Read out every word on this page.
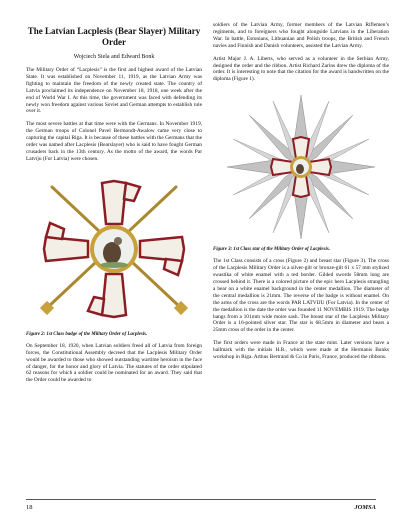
The Latvian Lacplesis (Bear Slayer) Military Order
Wojciech Stela and Edward Bonk

The Military Order of “Lacplesis” is the first and highest award of the Latvian State. It was established on November 11, 1919, as the Latvian Army was fighting to maintain the freedom of the newly created state. The country of Latvia proclaimed its independence on November 18, 1918, one week after the end of World War I. At this time, the government was faced with defending its newly won freedom against various Soviet and German attempts to establish rule over it.

The most severe battles at that time were with the Germans. In November 1919, the German troops of Colonel Pavel Bermondt-Awalow came very close to capturing the capital Riga. It is because of these battles with the Germans that the order was named after Lacplesis (Bearslayer) who is said to have fought German crusaders back in the 13th century. As the motto of the award, the words Par Latviju (For Latvia) were chosen.

Figure 2: 1st Class badge of the Military Order of Lacplesis.

On September 18, 1920, when Latvian soldiers freed all of Latvia from foreign forces, the Constitutional Assembly decreed that the Lacplesis Military Order would be awarded to those who showed outstanding wartime heroism in the face of danger, for the honor and glory of Latvia. The statutes of the order stipulated 62 reasons for which a soldier could be nominated for an award. They said that the Order could be awarded to

soldiers of the Latvian Army, former members of the Latvian Riflemen’s regiments, and to foreigners who fought alongside Latvians in the Liberation War. In battle, Estonians, Lithuanian and Polish troops, the British and French navies and Finnish and Danish volunteers, assisted the Latvian Army.

Artist Major J. A. Liberts, who served as a volunteer in the Serbian Army, designed the order and the ribbon. Artist Richard Zarins drew the diploma of the order. It is interesting to note that the citation for the award is handwritten on the diploma (Figure 1).

Figure 3: 1st Class star of the Military Order of Lacplesis.

The 1st Class consists of a cross (Figure 2) and breast star (Figure 3). The cross of the Lacplesis Military Order is a silver-gilt or bronze-gilt 61 x 57 mm stylized swastika of white enamel with a red border. Gilded swords 58mm long are crossed behind it. There is a colored picture of the epic hero Lacplesis strangling a bear on a white enamel background in the center medallion. The diameter of the central medallion is 21mm. The reverse of the badge is without enamel. On the arms of the cross are the words PAR LATVIJU (For Latvia). In the center of the medallion is the date the order was founded 11 NOVEMBIS 1919. The badge hangs from a 101mm wide moire sash. The breast star of the Lacplesis Military Order is a 16-pointed silver star. The star is 68.5mm in diameter and bears a 25mm cross of the order in the center.

The first orders were made in France at the state mint. Later versions have a hallmark with the initials H.B., which were made at the Hermanis Bunks workshop in Riga. Arthus Bertrand & Co in Paris, France, produced the ribbons.

18	JOMSA
